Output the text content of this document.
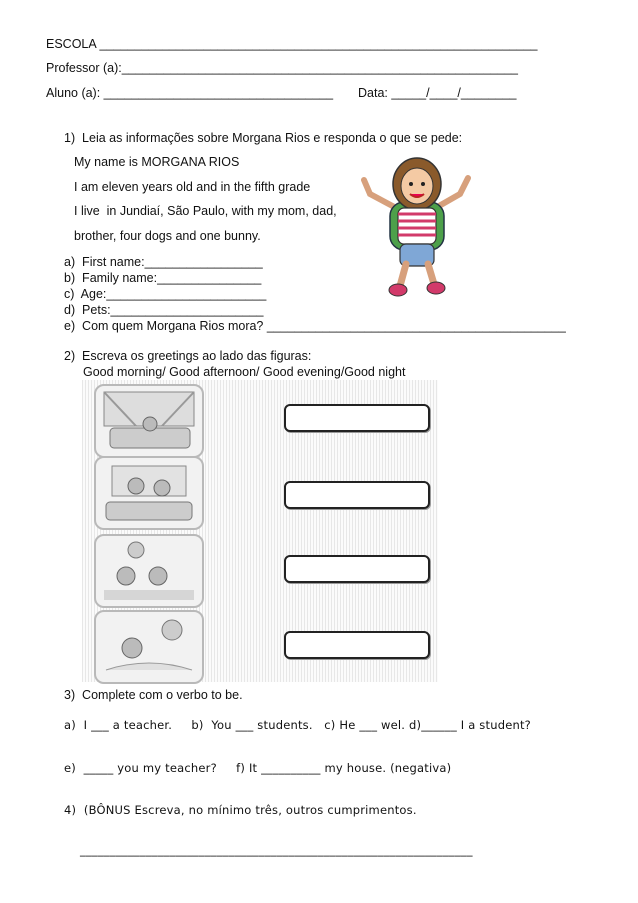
ESCOLA _______________________________________________________________
Professor (a):_________________________________________________________
Aluno (a): _________________________________ Data: _____/____/________
1)  Leia as informações sobre Morgana Rios e responda o que se pede:
My name is MORGANA RIOS
I am eleven years old and in the fifth grade
I live  in Jundiaí, São Paulo, with my mom, dad,
brother, four dogs and one bunny.
a)  First name:_________________
b)  Family name:_______________
c)  Age:_______________________
d)  Pets:______________________
e)  Com quem Morgana Rios mora? ___________________________________________
2)  Escreva os greetings ao lado das figuras:
Good morning/ Good afternoon/ Good evening/Good night
3)  Complete com o verbo to be.
a)  I ___ a teacher.     b)  You ___ students.   c) He ___ wel. d)______ I a student?
e)  _____ you my teacher?     f) It __________ my house. (negativa)
4)  (BÔNUS Escreva, no mínimo três, outros cumprimentos.
__________________________________________________________________
